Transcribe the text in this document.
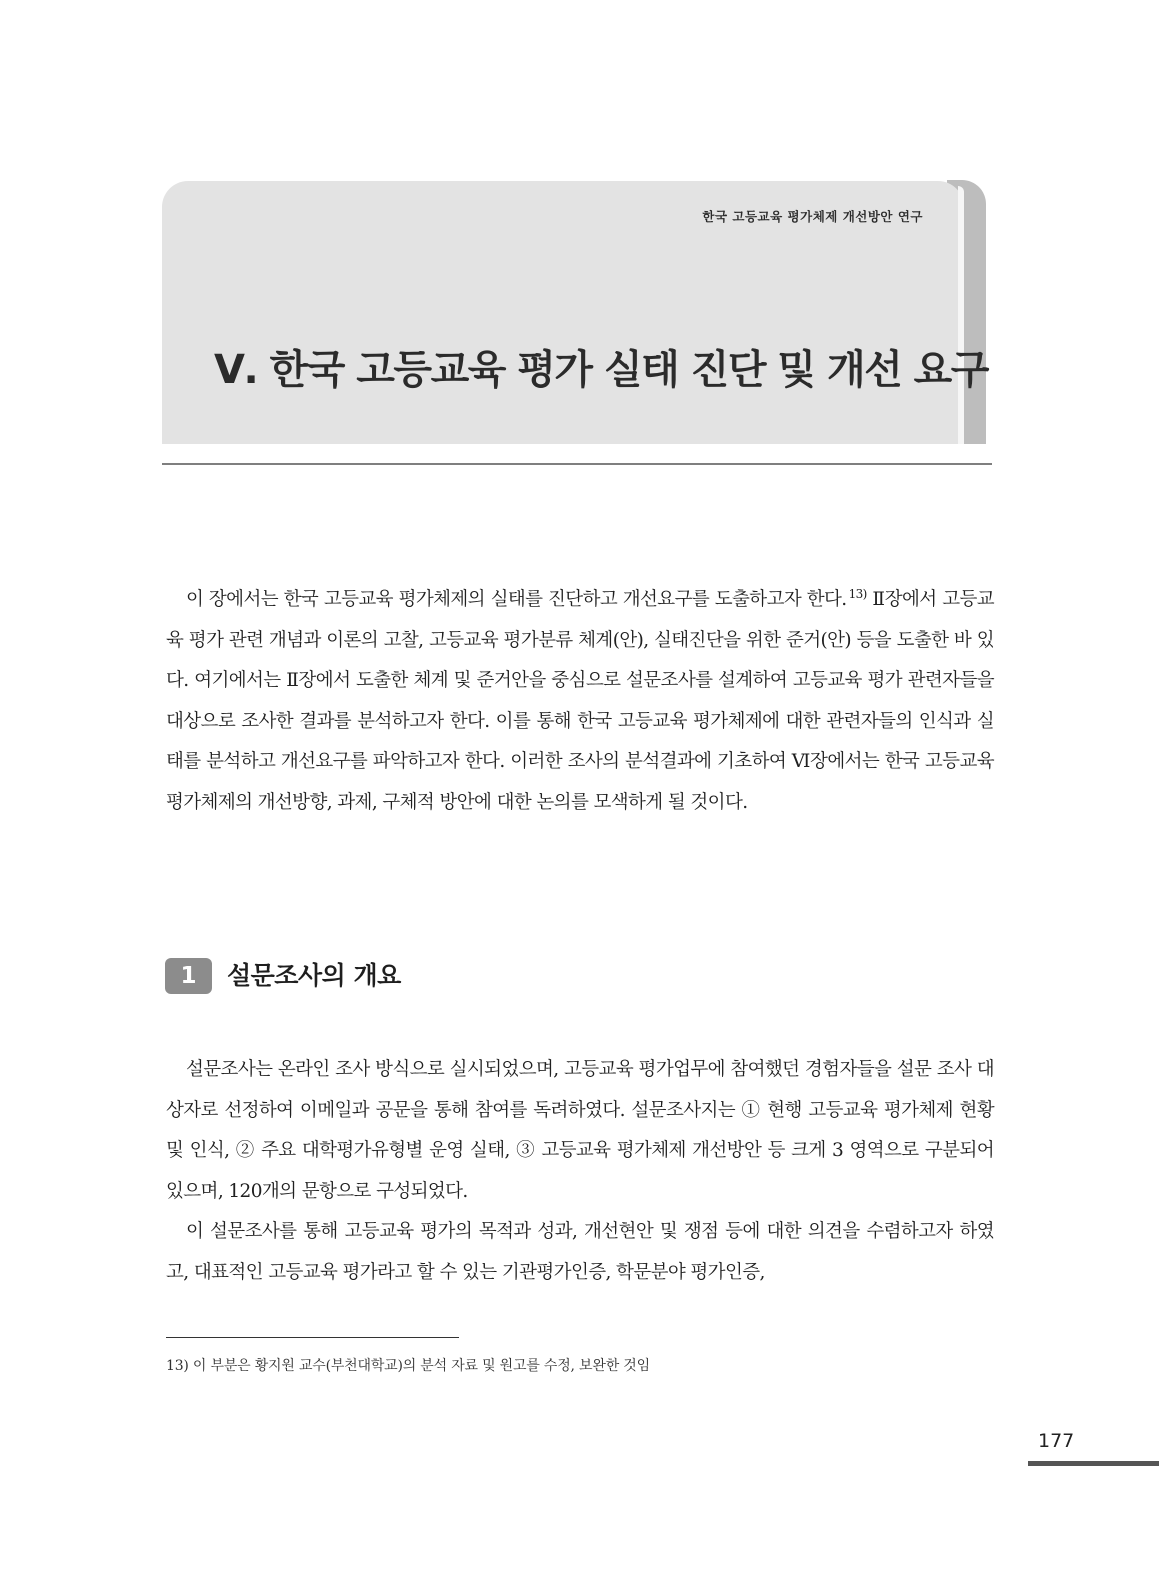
한국 고등교육 평가체제 개선방안 연구
Ⅴ. 한국 고등교육 평가 실태 진단 및 개선 요구

이 장에서는 한국 고등교육 평가체제의 실태를 진단하고 개선요구를 도출하고자 한다. $^{13)}$ Ⅱ장에서 고등교육 평가 관련 개념과 이론의 고찰, 고등교육 평가분류 체계(안), 실태진단을 위한 준거(안) 등을 도출한 바 있다. 여기에서는 Ⅱ장에서 도출한 체계 및 준거안을 중심으로 설문조사를 설계하여 고등교육 평가 관련자들을 대상으로 조사한 결과를 분석하고자 한다. 이를 통해 한국 고등교육 평가체제에 대한 관련자들의 인식과 실태를 분석하고 개선요구를 파악하고자 한다. 이러한 조사의 분석결과에 기초하여 Ⅵ장에서는 한국 고등교육 평가체제의 개선방향, 과제, 구체적 방안에 대한 논의를 모색하게 될 것이다.

1	설문조사의 개요

설문조사는 온라인 조사 방식으로 실시되었으며, 고등교육 평가업무에 참여했던 경험자들을 설문 조사 대상자로 선정하여 이메일과 공문을 통해 참여를 독려하였다. 설문조사지는 ① 현행 고등교육 평가체제 현황 및 인식, ② 주요 대학평가유형별 운영 실태, ③ 고등교육 평가체제 개선방안 등 크게 3 영역으로 구분되어 있으며, 120개의 문항으로 구성되었다.

이 설문조사를 통해 고등교육 평가의 목적과 성과, 개선현안 및 쟁점 등에 대한 의견을 수렴하고자 하였고, 대표적인 고등교육 평가라고 할 수 있는 기관평가인증, 학문분야 평가인증,

13) 이 부분은 황지원 교수(부천대학교)의 분석 자료 및 원고를 수정, 보완한 것임

177
